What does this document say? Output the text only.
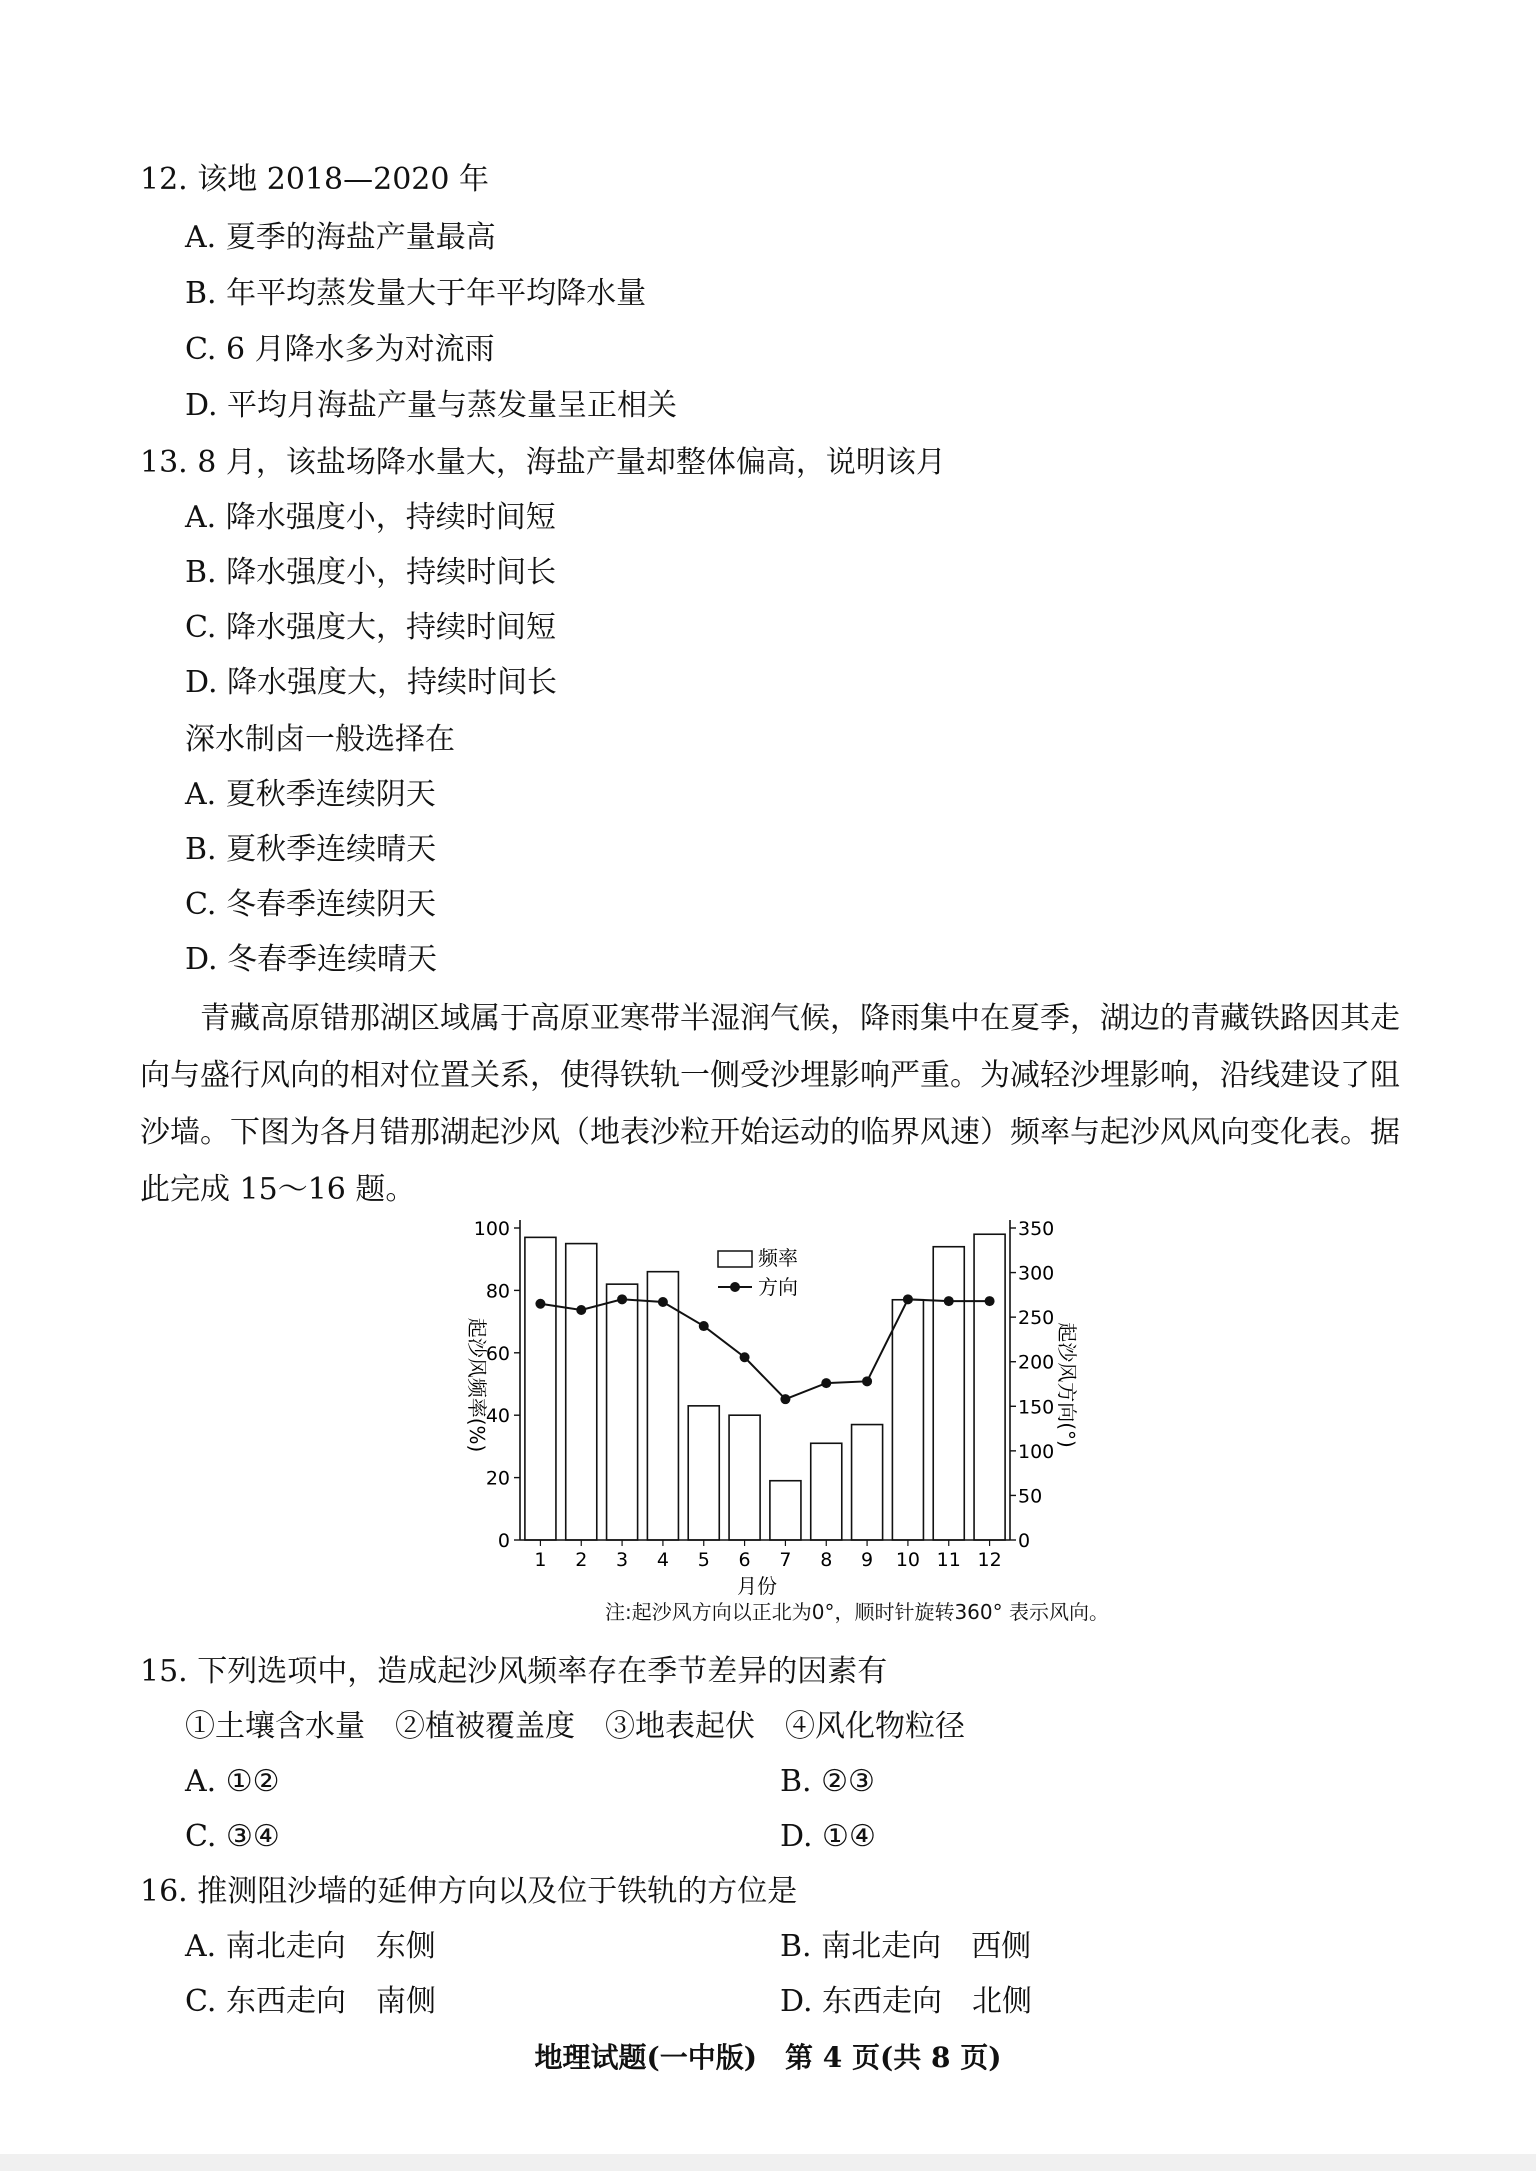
12. 该地 2018—2020 年
A. 夏季的海盐产量最高
B. 年平均蒸发量大于年平均降水量
C. 6 月降水多为对流雨
D. 平均月海盐产量与蒸发量呈正相关
13. 8 月，该盐场降水量大，海盐产量却整体偏高，说明该月
A. 降水强度小，持续时间短
B. 降水强度小，持续时间长
C. 降水强度大，持续时间短
D. 降水强度大，持续时间长
深水制卤一般选择在
A. 夏秋季连续阴天
B. 夏秋季连续晴天
C. 冬春季连续阴天
D. 冬春季连续晴天
青藏高原错那湖区域属于高原亚寒带半湿润气候，降雨集中在夏季，湖边的青藏铁路因其走向与盛行风向的相对位置关系，使得铁轨一侧受沙埋影响严重。为减轻沙埋影响，沿线建设了阻沙墙。下图为各月错那湖起沙风（地表沙粒开始运动的临界风速）频率与起沙风风向变化表。据此完成 15～16 题。
0
20
40
60
80
100
0
50
100
150
200
250
300
350
1 2 3 4 5 6 7 8 9 10 11 12
起沙风频率(%)	起沙风方向(°)
月份
频率
方向
注:起沙风方向以正北为0°，顺时针旋转360° 表示风向。
15. 下列选项中，造成起沙风频率存在季节差异的因素有
①土壤含水量　②植被覆盖度　③地表起伏　④风化物粒径
A. ①②	B. ②③
C. ③④	D. ①④
16. 推测阻沙墙的延伸方向以及位于铁轨的方位是
A. 南北走向　东侧	B. 南北走向　西侧
C. 东西走向　南侧	D. 东西走向　北侧
地理试题(一中版)　第 4 页(共 8 页)
